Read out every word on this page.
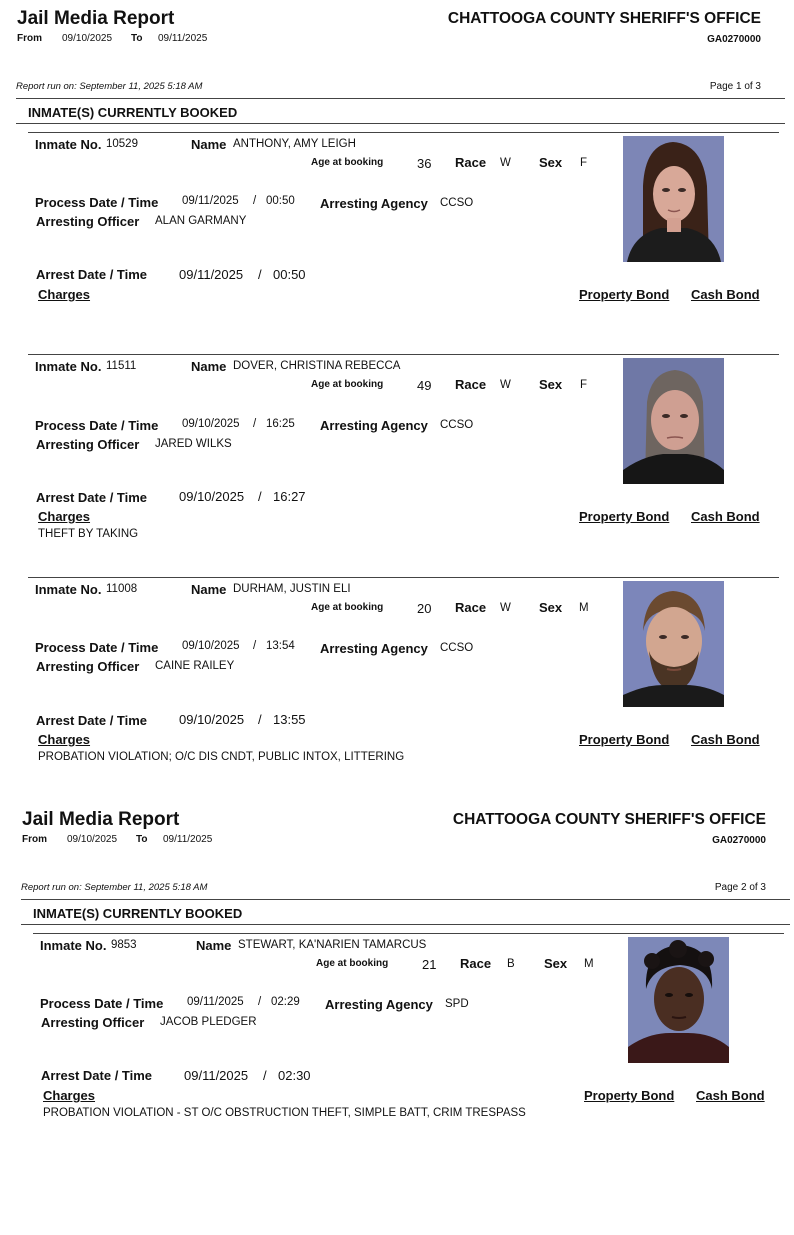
Jail Media Report
From 09/10/2025 To 09/11/2025
CHATTOOGA COUNTY SHERIFF'S OFFICE
GA0270000
Report run on: September 11, 2025 5:18 AM	Page 1 of 3
INMATE(S) CURRENTLY BOOKED
Inmate No. 10529	Name ANTHONY, AMY LEIGH
Age at booking	36 Race W Sex F
Process Date / Time 09/11/2025 / 00:50 Arresting Agency CCSO
Arresting Officer ALAN GARMANY
Arrest Date / Time 09/11/2025 / 00:50
Charges	Property Bond Cash Bond
Inmate No. 11511	Name DOVER, CHRISTINA REBECCA
Age at booking	49 Race W Sex F
Process Date / Time 09/10/2025 / 16:25 Arresting Agency CCSO
Arresting Officer JARED WILKS
Arrest Date / Time 09/10/2025 / 16:27
Charges	Property Bond Cash Bond
THEFT BY TAKING
Inmate No. 11008	Name DURHAM, JUSTIN ELI
Age at booking	20 Race W Sex M
Process Date / Time 09/10/2025 / 13:54 Arresting Agency CCSO
Arresting Officer CAINE RAILEY
Arrest Date / Time 09/10/2025 / 13:55
Charges	Property Bond Cash Bond
PROBATION VIOLATION; O/C DIS CNDT, PUBLIC INTOX, LITTERING
Jail Media Report
From 09/10/2025 To 09/11/2025
CHATTOOGA COUNTY SHERIFF'S OFFICE
GA0270000
Report run on: September 11, 2025 5:18 AM	Page 2 of 3
INMATE(S) CURRENTLY BOOKED
Inmate No. 9853	Name STEWART, KA'NARIEN TAMARCUS
Age at booking	21 Race B Sex M
Process Date / Time 09/11/2025 / 02:29 Arresting Agency SPD
Arresting Officer JACOB PLEDGER
Arrest Date / Time 09/11/2025 / 02:30
Charges	Property Bond Cash Bond
PROBATION VIOLATION - ST O/C OBSTRUCTION THEFT, SIMPLE BATT, CRIM TRESPASS
